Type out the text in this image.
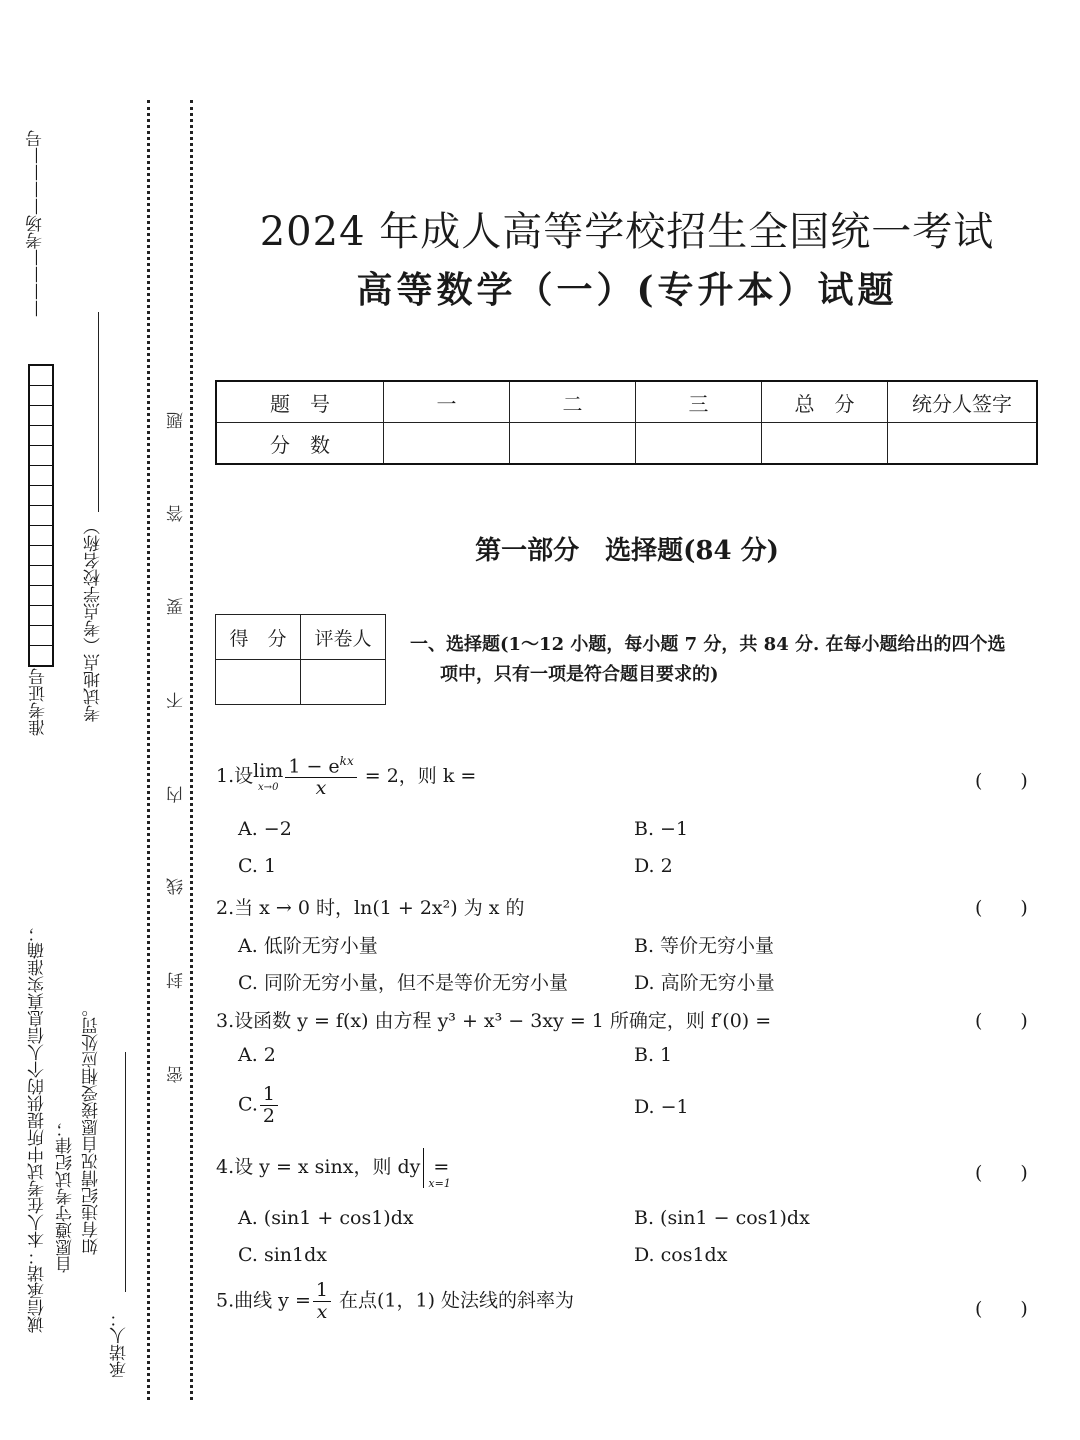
————考场————号
准考证号 考试地点（考点学校名称）
诚信承诺：本人在考试中所提供的个人信息真实准确； 自愿遵守考试纪律； 如有违纪情况自愿接受相应处罚。
承诺人：
题
答
要
不
内
线
封
密
2024 年成人高等学校招生全国统一考试
高等数学（一）(专升本）试题
题　号	一	二	三	总　分	统分人签字
分　数					
第一部分　选择题(84 分)
得　分	评卷人
	一、选择题(1～12 小题，每小题 7 分，共 84 分. 在每小题给出的四个选
项中，只有一项是符合题目要求的)
1.设 lim
$x\to 0 \frac{1 - e^{kx}}{x} = 2$，则 k =	(　　)
A. −2	B. −1
C. 1	D. 2
2.当 x → 0 时，ln(1 + 2x²) 为 x 的	(　　)
A. 低阶无穷小量	B. 等价无穷小量
C. 同阶无穷小量，但不是等价无穷小量	D. 高阶无穷小量
3.设函数 y = f(x) 由方程 y³ + x³ − 3xy = 1 所确定，则 f′(0) =	(　　)
A. 2	B. 1
C. $\frac{1}{2}$	D. −1
4.设 y = x sinx，则 dy
x=1
=	(　　)
A. (sin1 + cos1)dx	B. (sin1 − cos1)dx
C. sin1dx	D. cos1dx
5.曲线 $y = \frac{1}{x}$ 在点(1，1) 处法线的斜率为	(　　)
